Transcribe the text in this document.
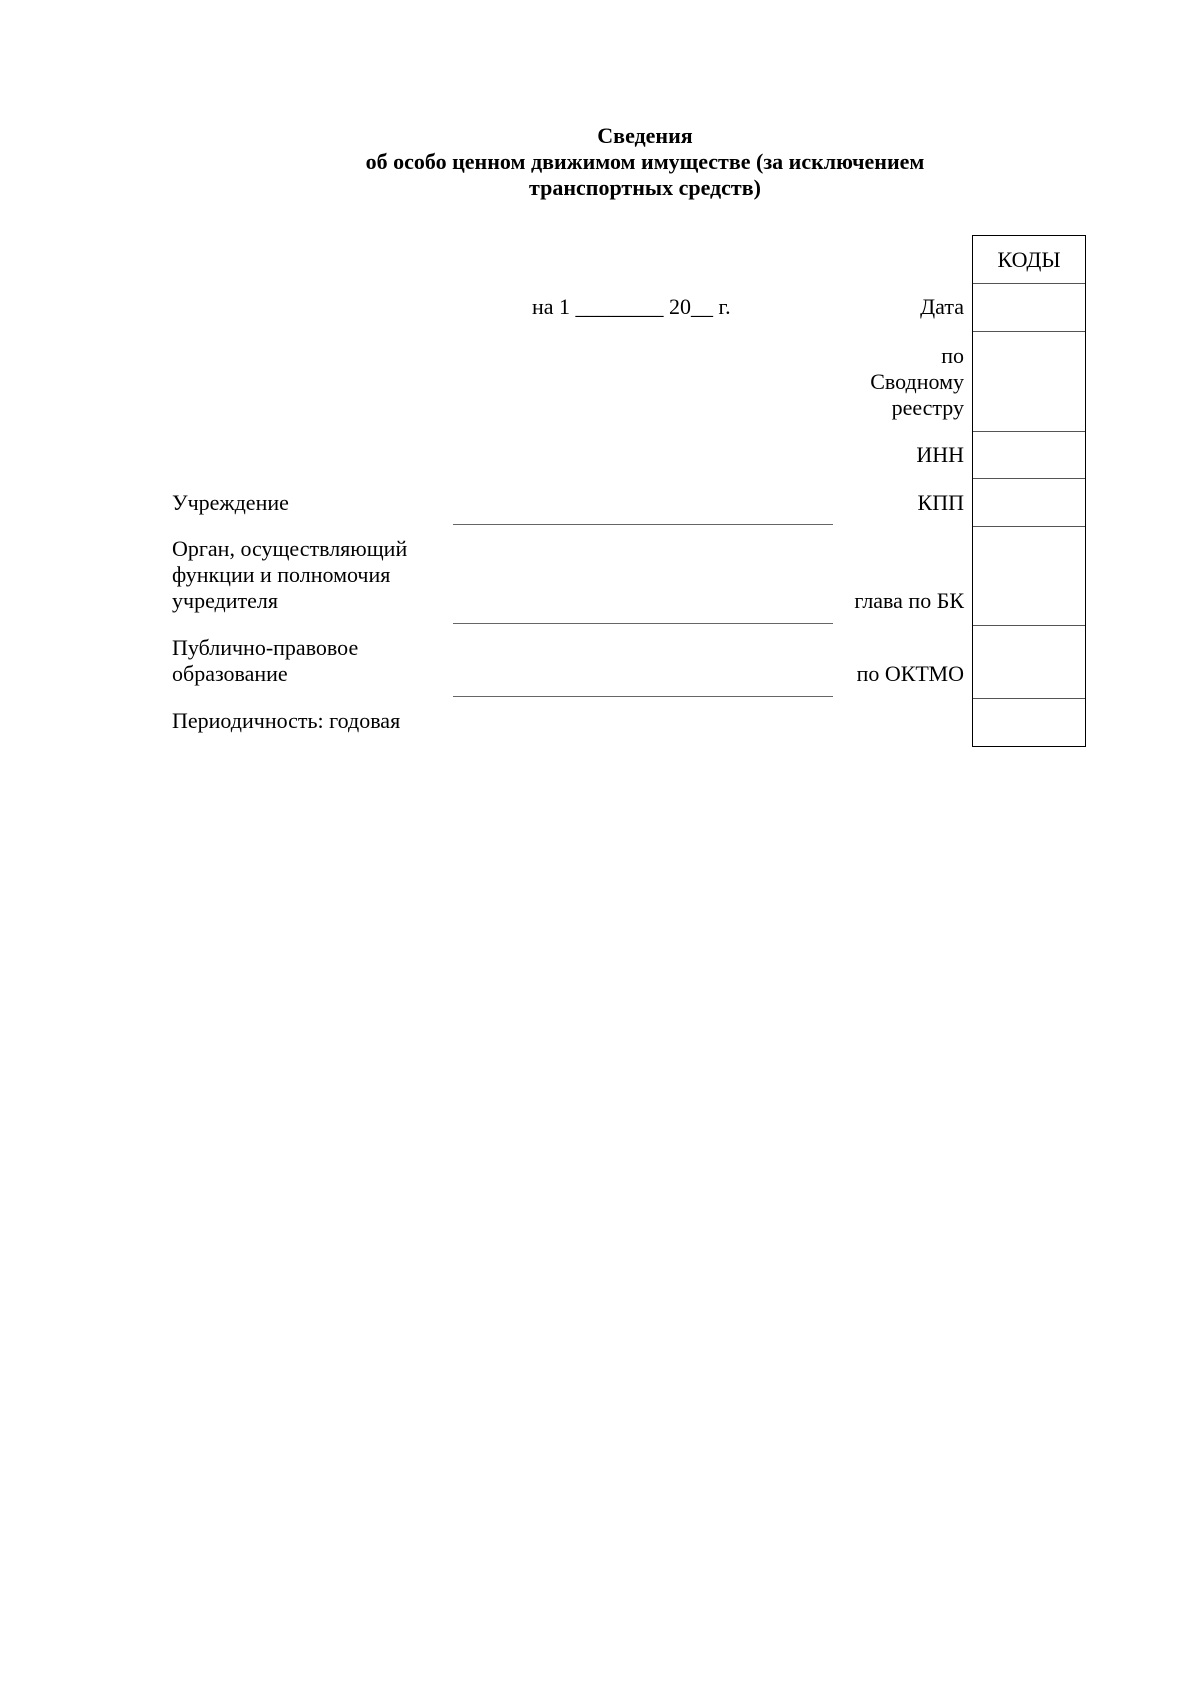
Сведения
об особо ценном движимом имуществе (за исключением
транспортных средств)
на 1 ________ 20__ г.	Дата
по
Сводному
реестру
ИНН
КПП
глава по БК
по ОКТМО
КОДЫ
Учреждение
Орган, осуществляющий
функции и полномочия
учредителя
Публично-правовое
образование
Периодичность: годовая
